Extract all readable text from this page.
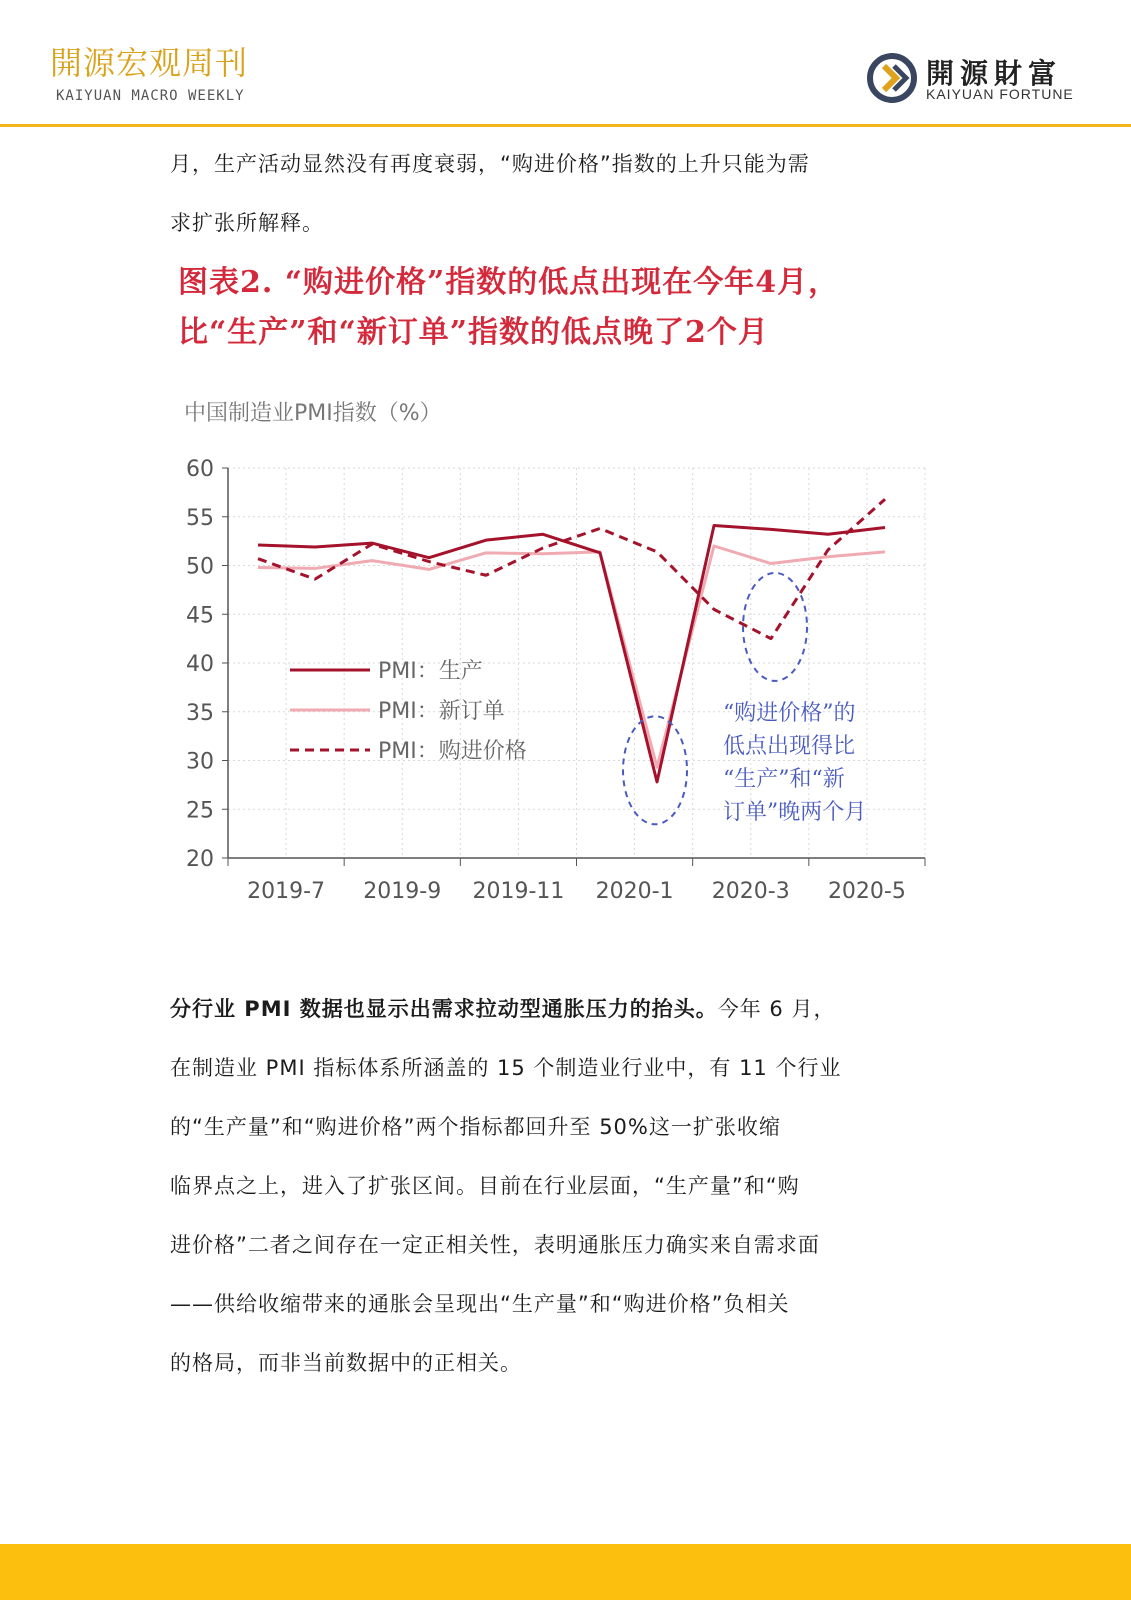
開源宏观周刊
KAIYUAN MACRO WEEKLY
開源財富
KAIYUAN FORTUNE
月，生产活动显然没有再度衰弱，“购进价格”指数的上升只能为需
求扩张所解释。
图表2. “购进价格”指数的低点出现在今年4月，
比“生产”和“新订单”指数的低点晚了2个月
中国制造业PMI指数（%）
20
25
30
35
40
45
50
55
60
2019-7 2019-9 2019-11 2020-1 2020-3 2020-5
PMI：生产
PMI：新订单
PMI：购进价格
“购进价格”的
低点出现得比
“生产”和“新
订单”晚两个月
分行业 PMI 数据也显示出需求拉动型通胀压力的抬头。今年 6 月，
在制造业 PMI 指标体系所涵盖的 15 个制造业行业中，有 11 个行业
的“生产量”和“购进价格”两个指标都回升至 50%这一扩张收缩
临界点之上，进入了扩张区间。目前在行业层面，“生产量”和“购
进价格”二者之间存在一定正相关性，表明通胀压力确实来自需求面
——供给收缩带来的通胀会呈现出“生产量”和“购进价格”负相关
的格局，而非当前数据中的正相关。
